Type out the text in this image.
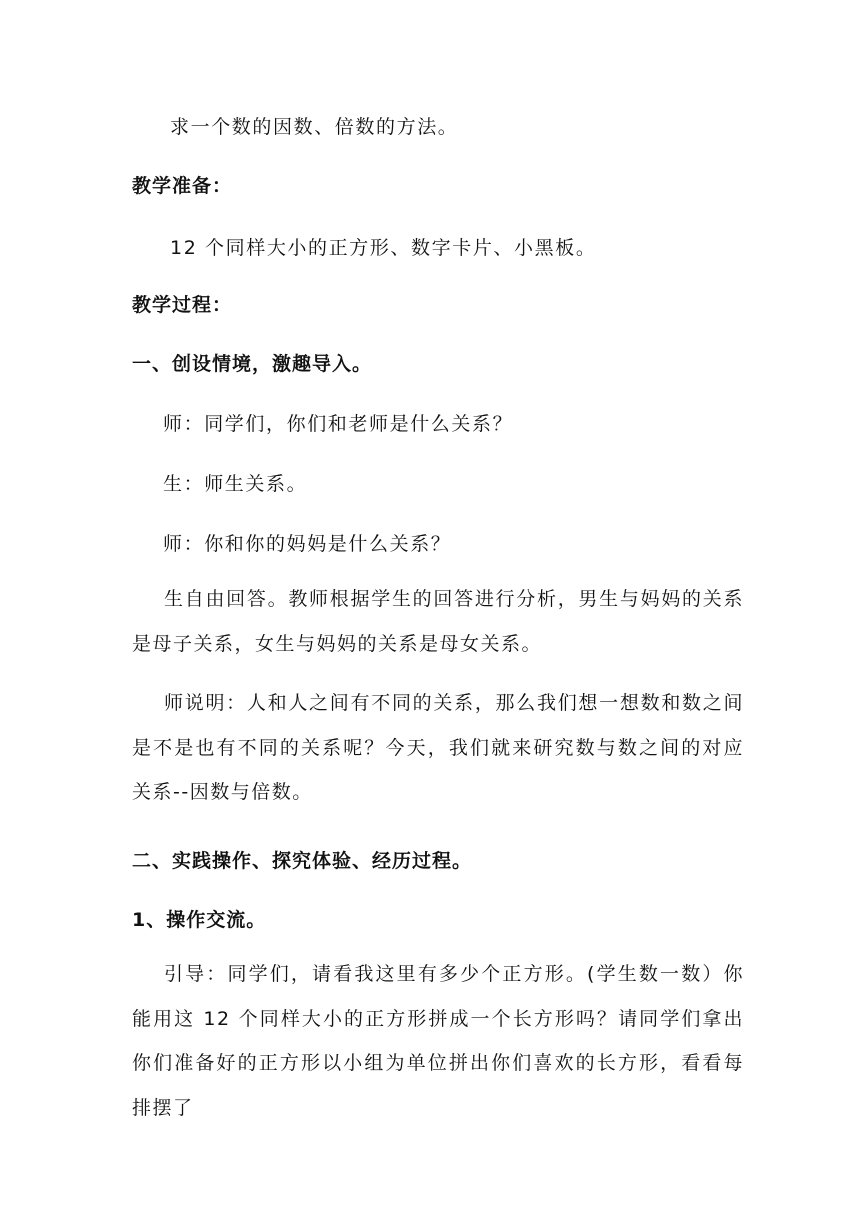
求一个数的因数、倍数的方法。
教学准备：
12 个同样大小的正方形、数字卡片、小黑板。
教学过程：
一、创设情境，激趣导入。
师：同学们，你们和老师是什么关系？
生：师生关系。
师：你和你的妈妈是什么关系？
生自由回答。教师根据学生的回答进行分析，男生与妈妈的关系是母子关系，女生与妈妈的关系是母女关系。
师说明：人和人之间有不同的关系，那么我们想一想数和数之间是不是也有不同的关系呢？今天，我们就来研究数与数之间的对应关系--因数与倍数。
二、实践操作、探究体验、经历过程。
1、操作交流。
引导：同学们，请看我这里有多少个正方形。(学生数一数）你能用这 12 个同样大小的正方形拼成一个长方形吗？请同学们拿出你们准备好的正方形以小组为单位拼出你们喜欢的长方形，看看每排摆了
